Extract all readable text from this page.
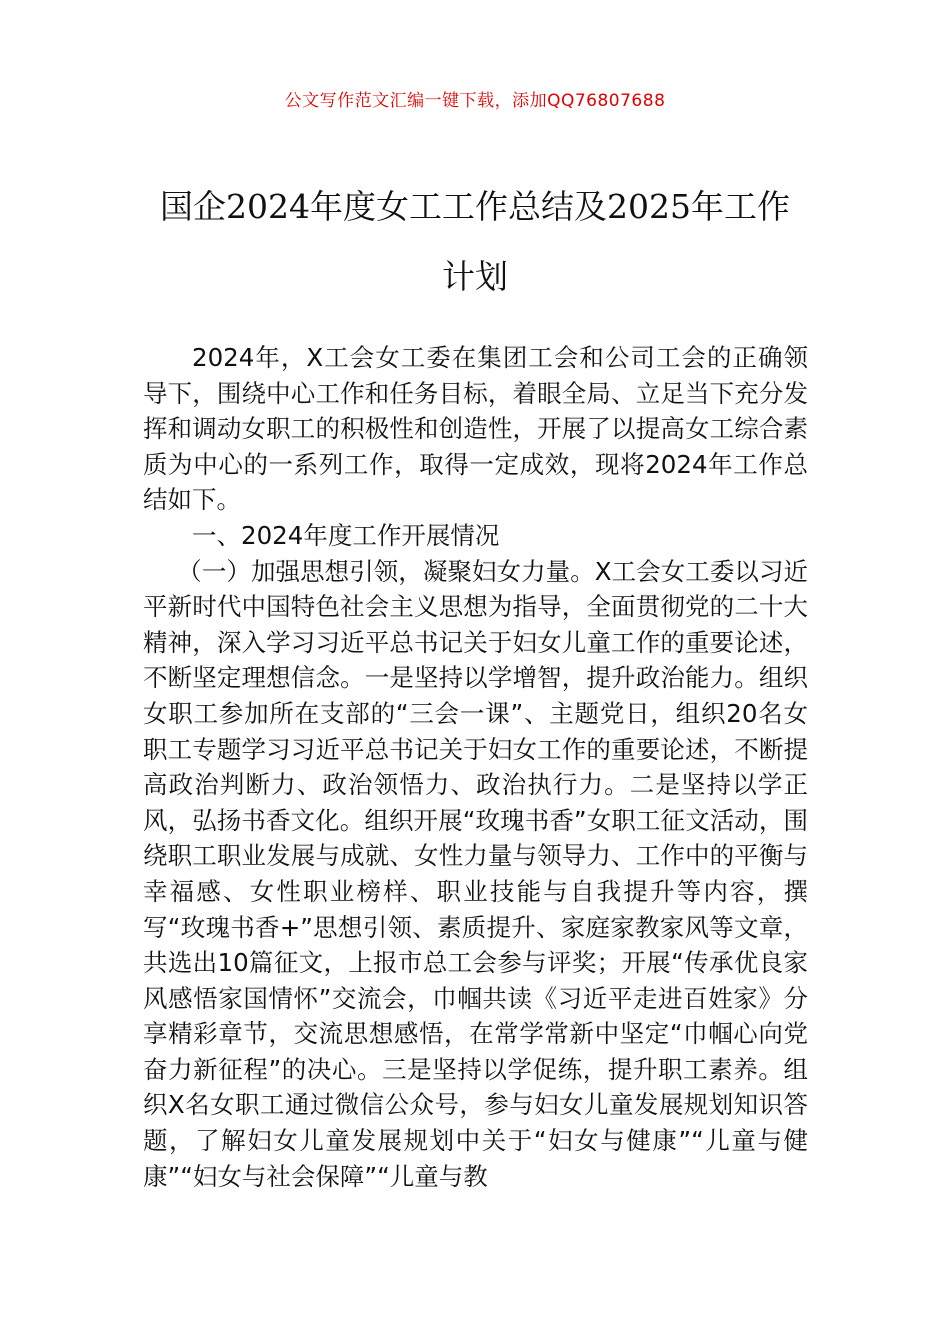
公文写作范文汇编一键下载，添加QQ76807688
国企2024年度女工工作总结及2025年工作
计划

2024年，X工会女工委在集团工会和公司工会的正确领导下，围绕中心工作和任务目标，着眼全局、立足当下充分发挥和调动女职工的积极性和创造性，开展了以提高女工综合素质为中心的一系列工作，取得一定成效，现将2024年工作总结如下。

一、2024年度工作开展情况

（一）加强思想引领，凝聚妇女力量。X工会女工委以习近平新时代中国特色社会主义思想为指导，全面贯彻党的二十大精神，深入学习习近平总书记关于妇女儿童工作的重要论述，不断坚定理想信念。一是坚持以学增智，提升政治能力。组织女职工参加所在支部的“三会一课”、主题党日，组织20名女职工专题学习习近平总书记关于妇女工作的重要论述，不断提高政治判断力、政治领悟力、政治执行力。二是坚持以学正风，弘扬书香文化。组织开展“玫瑰书香”女职工征文活动，围绕职工职业发展与成就、女性力量与领导力、工作中的平衡与幸福感、女性职业榜样、职业技能与自我提升等内容，撰写“玫瑰书香+”思想引领、素质提升、家庭家教家风等文章，共选出10篇征文，上报市总工会参与评奖；开展“传承优良家风感悟家国情怀”交流会，巾帼共读《习近平走进百姓家》分享精彩章节，交流思想感悟，在常学常新中坚定“巾帼心向党奋力新征程”的决心。三是坚持以学促练，提升职工素养。组织X名女职工通过微信公众号，参与妇女儿童发展规划知识答题，了解妇女儿童发展规划中关于“妇女与健康”“儿童与健康”“妇女与社会保障”“儿童与教
